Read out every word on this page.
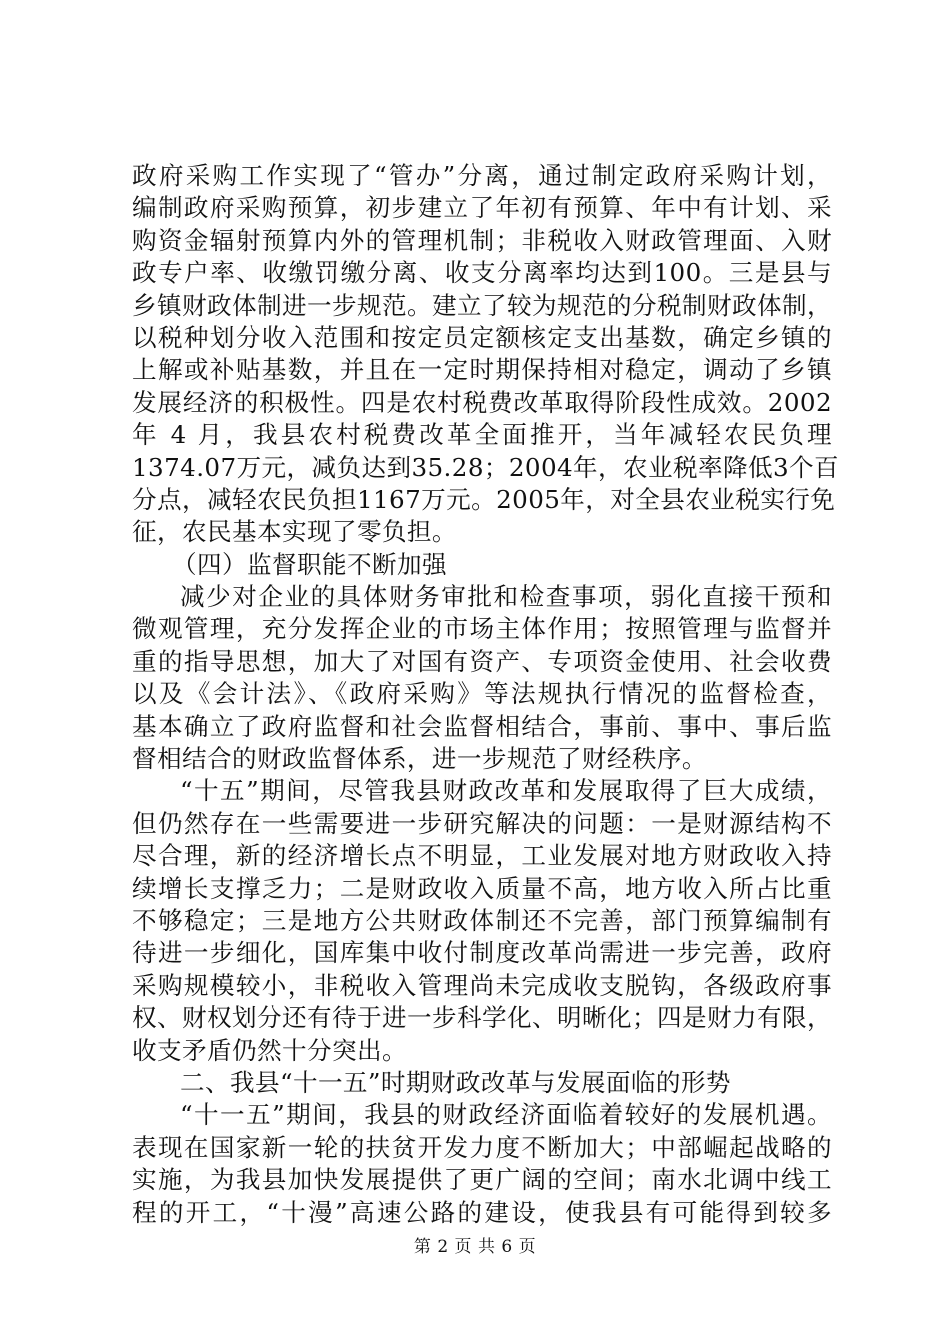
政府采购工作实现了“管办”分离，通过制定政府采购计划，
编制政府采购预算，初步建立了年初有预算、年中有计划、采
购资金辐射预算内外的管理机制；非税收入财政管理面、入财
政专户率、收缴罚缴分离、收支分离率均达到100。三是县与
乡镇财政体制进一步规范。建立了较为规范的分税制财政体制，
以税种划分收入范围和按定员定额核定支出基数，确定乡镇的
上解或补贴基数，并且在一定时期保持相对稳定，调动了乡镇
发展经济的积极性。四是农村税费改革取得阶段性成效。2002
年 4 月，我县农村税费改革全面推开，当年减轻农民负理
1374.07万元，减负达到35.28；2004年，农业税率降低3个百
分点，减轻农民负担1167万元。2005年，对全县农业税实行免
征，农民基本实现了零负担。
（四）监督职能不断加强
减少对企业的具体财务审批和检查事项，弱化直接干预和
微观管理，充分发挥企业的市场主体作用；按照管理与监督并
重的指导思想，加大了对国有资产、专项资金使用、社会收费
以及《会计法》、《政府采购》等法规执行情况的监督检查，
基本确立了政府监督和社会监督相结合，事前、事中、事后监
督相结合的财政监督体系，进一步规范了财经秩序。
“十五”期间，尽管我县财政改革和发展取得了巨大成绩，
但仍然存在一些需要进一步研究解决的问题：一是财源结构不
尽合理，新的经济增长点不明显，工业发展对地方财政收入持
续增长支撑乏力；二是财政收入质量不高，地方收入所占比重
不够稳定；三是地方公共财政体制还不完善，部门预算编制有
待进一步细化，国库集中收付制度改革尚需进一步完善，政府
采购规模较小，非税收入管理尚未完成收支脱钩，各级政府事
权、财权划分还有待于进一步科学化、明晰化；四是财力有限，
收支矛盾仍然十分突出。
二、我县“十一五”时期财政改革与发展面临的形势
“十一五”期间，我县的财政经济面临着较好的发展机遇。
表现在国家新一轮的扶贫开发力度不断加大；中部崛起战略的
实施，为我县加快发展提供了更广阔的空间；南水北调中线工
程的开工，“十漫”高速公路的建设，使我县有可能得到较多
第 2 页 共 6 页
